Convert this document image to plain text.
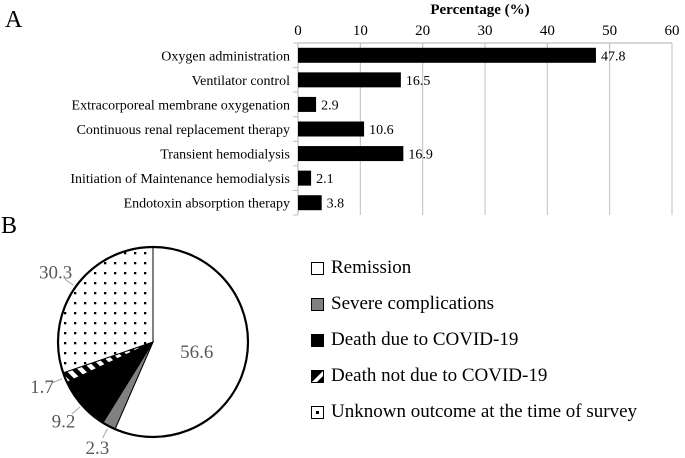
A	0	10	20	30	40	50	60
Oxygen administration	47.8
Ventilator control	16.5
Extracorporeal membrane oxygenation 2.9
Continuous renal replacement therapy	10.6
Transient hemodialysis	16.9
Initiation of Maintenance hemodialysis 2.1
Endotoxin absorption therapy	3.8
Percentage (%)
B
56.6
2.3
9.2
1.7
30.3	Remission
Severe complications
Death due to COVID-19
Death not due to COVID-19
Unknown outcome at the time of survey
